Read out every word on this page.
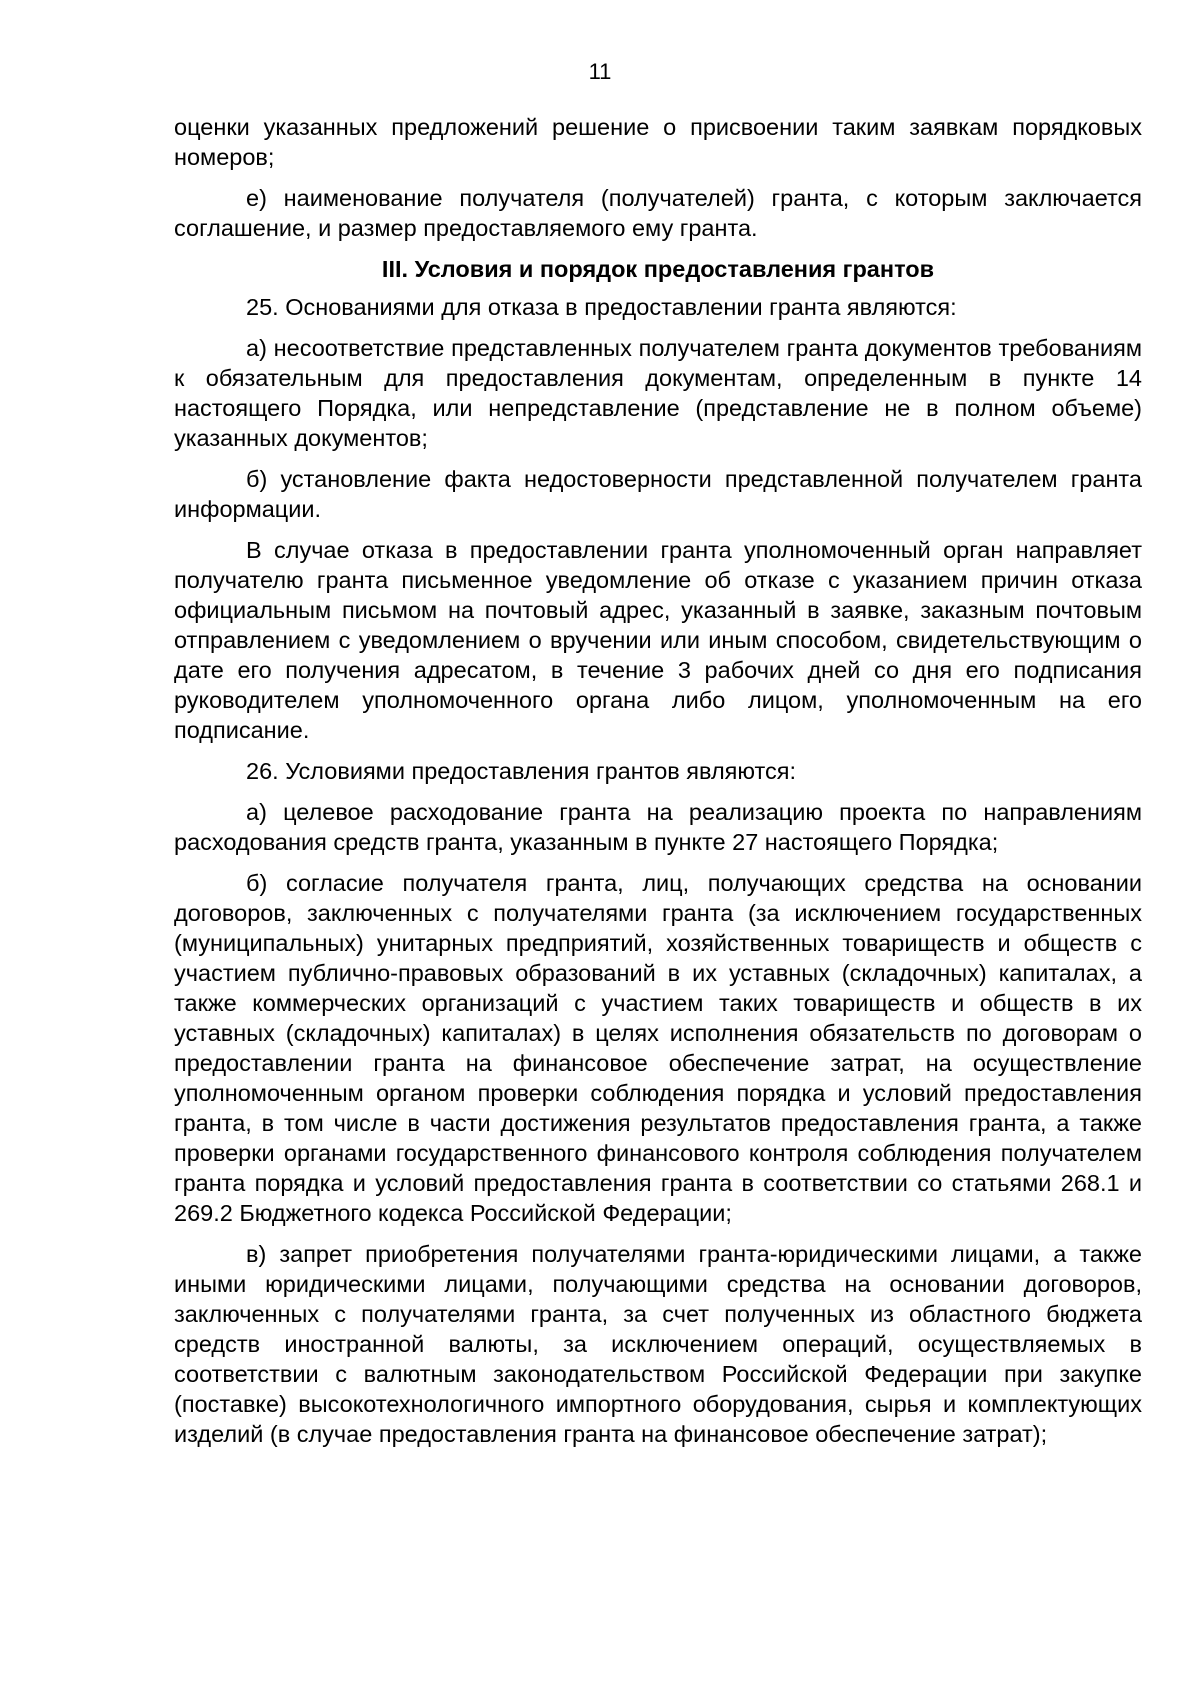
11

оценки указанных предложений решение о присвоении таким заявкам порядковых номеров;

е) наименование получателя (получателей) гранта, с которым заключается соглашение, и размер предоставляемого ему гранта.

III. Условия и порядок предоставления грантов

25. Основаниями для отказа в предоставлении гранта являются:

а) несоответствие представленных получателем гранта документов требованиям к обязательным для предоставления документам, определенным в пункте 14 настоящего Порядка, или непредставление (представление не в полном объеме) указанных документов;

б) установление факта недостоверности представленной получателем гранта информации.

В случае отказа в предоставлении гранта уполномоченный орган направляет получателю гранта письменное уведомление об отказе с указанием причин отказа официальным письмом на почтовый адрес, указанный в заявке, заказным почтовым отправлением с уведомлением о вручении или иным способом, свидетельствующим о дате его получения адресатом, в течение 3 рабочих дней со дня его подписания руководителем уполномоченного органа либо лицом, уполномоченным на его подписание.

26. Условиями предоставления грантов являются:

а) целевое расходование гранта на реализацию проекта по направлениям расходования средств гранта, указанным в пункте 27 настоящего Порядка;

б) согласие получателя гранта, лиц, получающих средства на основании договоров, заключенных с получателями гранта (за исключением государственных (муниципальных) унитарных предприятий, хозяйственных товариществ и обществ с участием публично-правовых образований в их уставных (складочных) капиталах, а также коммерческих организаций с участием таких товариществ и обществ в их уставных (складочных) капиталах) в целях исполнения обязательств по договорам о предоставлении гранта на финансовое обеспечение затрат, на осуществление уполномоченным органом проверки соблюдения порядка и условий предоставления гранта, в том числе в части достижения результатов предоставления гранта, а также проверки органами государственного финансового контроля соблюдения получателем гранта порядка и условий предоставления гранта в соответствии со статьями 268.1 и 269.2 Бюджетного кодекса Российской Федерации;

в) запрет приобретения получателями гранта-юридическими лицами, а также иными юридическими лицами, получающими средства на основании договоров, заключенных с получателями гранта, за счет полученных из областного бюджета средств иностранной валюты, за исключением операций, осуществляемых в соответствии с валютным законодательством Российской Федерации при закупке (поставке) высокотехнологичного импортного оборудования, сырья и комплектующих изделий (в случае предоставления гранта на финансовое обеспечение затрат);
